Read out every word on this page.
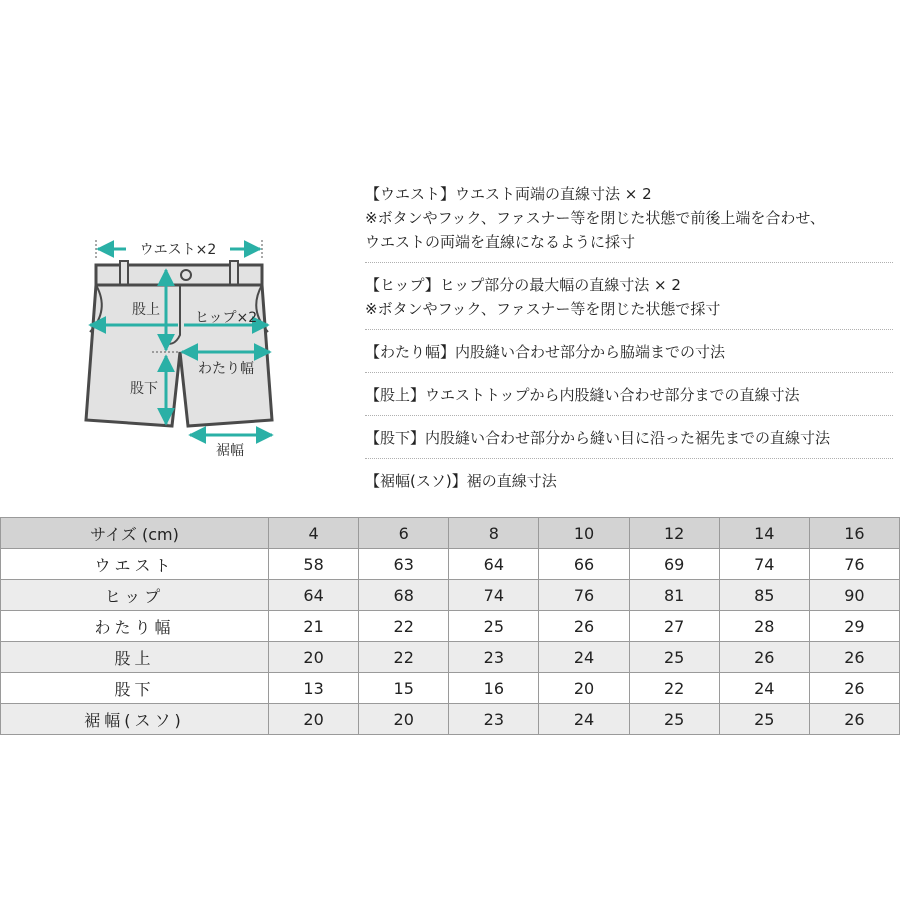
ウエスト×2
ヒップ×2
股上
股下
わたり幅
裾幅
【ウエスト】ウエスト両端の直線寸法 × 2
※ボタンやフック、ファスナー等を閉じた状態で前後上端を合わせ、
ウエストの両端を直線になるように採寸
【ヒップ】ヒップ部分の最大幅の直線寸法 × 2
※ボタンやフック、ファスナー等を閉じた状態で採寸
【わたり幅】内股縫い合わせ部分から脇端までの寸法
【股上】ウエストトップから内股縫い合わせ部分までの直線寸法
【股下】内股縫い合わせ部分から縫い目に沿った裾先までの直線寸法
【裾幅(スソ)】裾の直線寸法
サイズ (cm)	4	6	8	10	12	14	16
ウエスト	58	63	64	66	69	74	76
ヒップ	64	68	74	76	81	85	90
わたり幅	21	22	25	26	27	28	29
股上	20	22	23	24	25	26	26
股下	13	15	16	20	22	24	26
裾幅(スソ)	20	20	23	24	25	25	26
